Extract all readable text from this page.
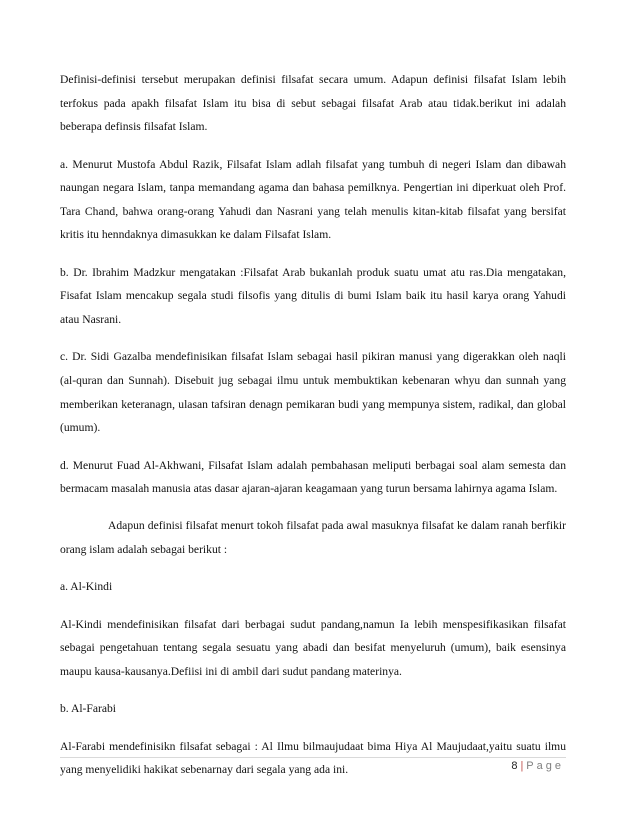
Definisi-definisi tersebut merupakan definisi filsafat secara umum. Adapun definisi filsafat Islam lebih terfokus pada apakh filsafat Islam itu bisa di sebut sebagai filsafat Arab atau tidak.berikut ini adalah beberapa definsis filsafat Islam.

a. Menurut Mustofa Abdul Razik, Filsafat Islam adlah filsafat yang tumbuh di negeri Islam dan dibawah naungan negara Islam, tanpa memandang agama dan bahasa pemilknya. Pengertian ini diperkuat oleh Prof. Tara Chand, bahwa orang-orang Yahudi dan Nasrani yang telah menulis kitan-kitab filsafat yang bersifat kritis itu henndaknya dimasukkan ke dalam Filsafat Islam.

b. Dr. Ibrahim Madzkur mengatakan :Filsafat Arab bukanlah produk suatu umat atu ras.Dia mengatakan, Fisafat Islam mencakup segala studi filsofis yang ditulis di bumi Islam baik itu hasil karya orang Yahudi atau Nasrani.

c. Dr. Sidi Gazalba mendefinisikan filsafat Islam sebagai hasil pikiran manusi yang digerakkan oleh naqli (al-quran dan Sunnah). Disebuit jug sebagai ilmu untuk membuktikan kebenaran whyu dan sunnah yang memberikan keteranagn, ulasan tafsiran denagn pemikaran budi yang mempunya sistem, radikal, dan global (umum).

d. Menurut Fuad Al-Akhwani, Filsafat Islam adalah pembahasan meliputi berbagai soal alam semesta dan bermacam masalah manusia atas dasar ajaran-ajaran keagamaan yang turun bersama lahirnya agama Islam.

Adapun definisi filsafat menurt tokoh filsafat pada awal masuknya filsafat ke dalam ranah berfikir orang islam adalah sebagai berikut :

a. Al-Kindi

Al-Kindi mendefinisikan filsafat dari berbagai sudut pandang,namun Ia lebih menspesifikasikan filsafat sebagai pengetahuan tentang segala sesuatu yang abadi dan besifat menyeluruh (umum), baik esensinya maupu kausa-kausanya.Defiisi ini di ambil dari sudut pandang materinya.

b. Al-Farabi

Al-Farabi mendefinisikn filsafat sebagai : Al Ilmu bilmaujudaat bima Hiya Al Maujudaat,yaitu suatu ilmu yang menyelidiki hakikat sebenarnay dari segala yang ada ini.	8 | Page
